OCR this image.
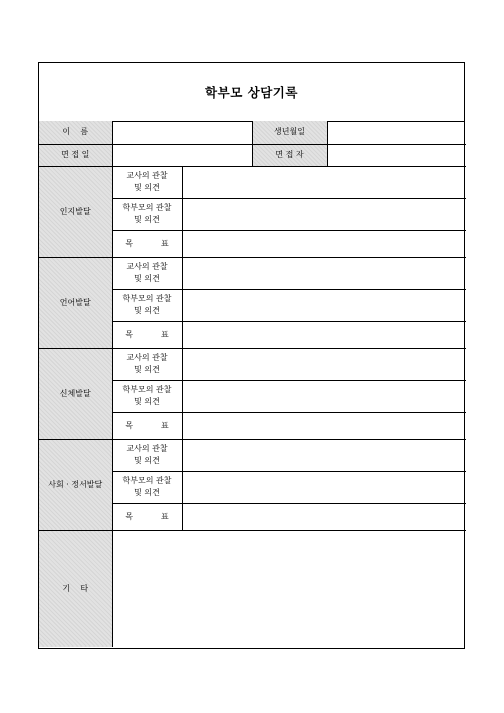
학부모 상담기록
이    름			생년월일	
면 접 일			면 접 자	
인지발달	교사의 관찰
및 의견			
	학부모의 관찰
및 의견			
	목 표			
언어발달	교사의 관찰
및 의견			
	학부모의 관찰
및 의견			
	목 표			
신체발달	교사의 관찰
및 의견			
	학부모의 관찰
및 의견			
	목 표			
사회 · 정서발달	교사의 관찰
및 의견			
	학부모의 관찰
및 의견			
	목 표			
기    타				
